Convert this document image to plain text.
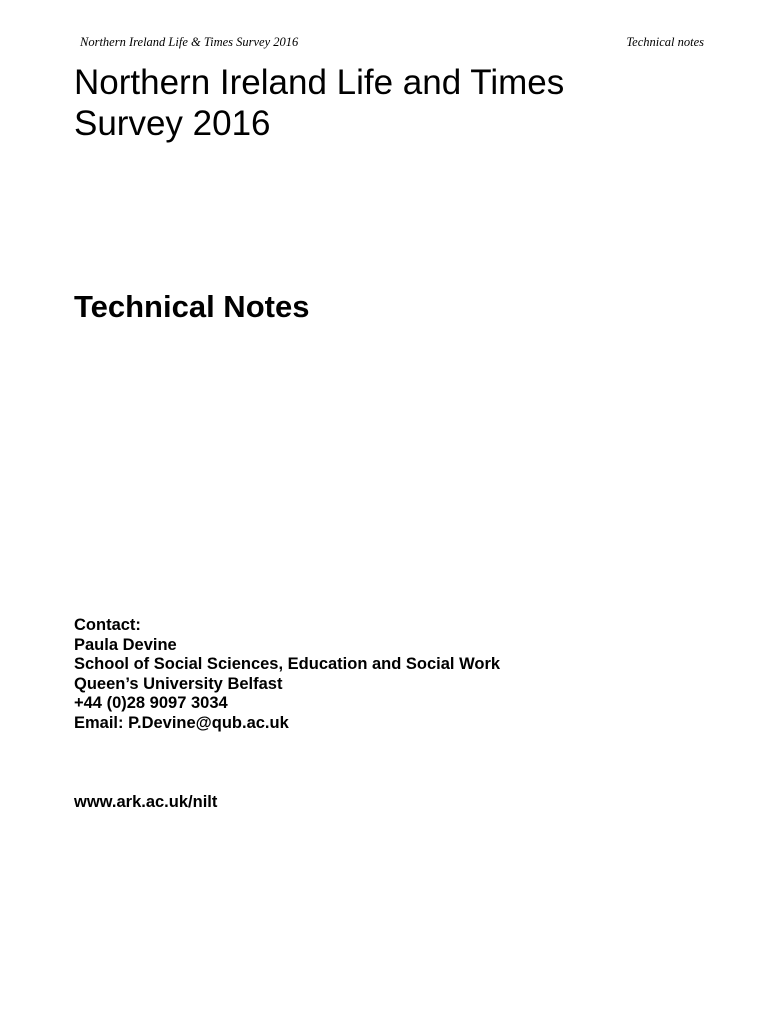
Northern Ireland Life & Times Survey 2016	Technical notes
Northern Ireland Life and Times
Survey 2016
Technical Notes
Contact:
Paula Devine
School of Social Sciences, Education and Social Work
Queen’s University Belfast
+44 (0)28 9097 3034
Email: P.Devine@qub.ac.uk
www.ark.ac.uk/nilt
